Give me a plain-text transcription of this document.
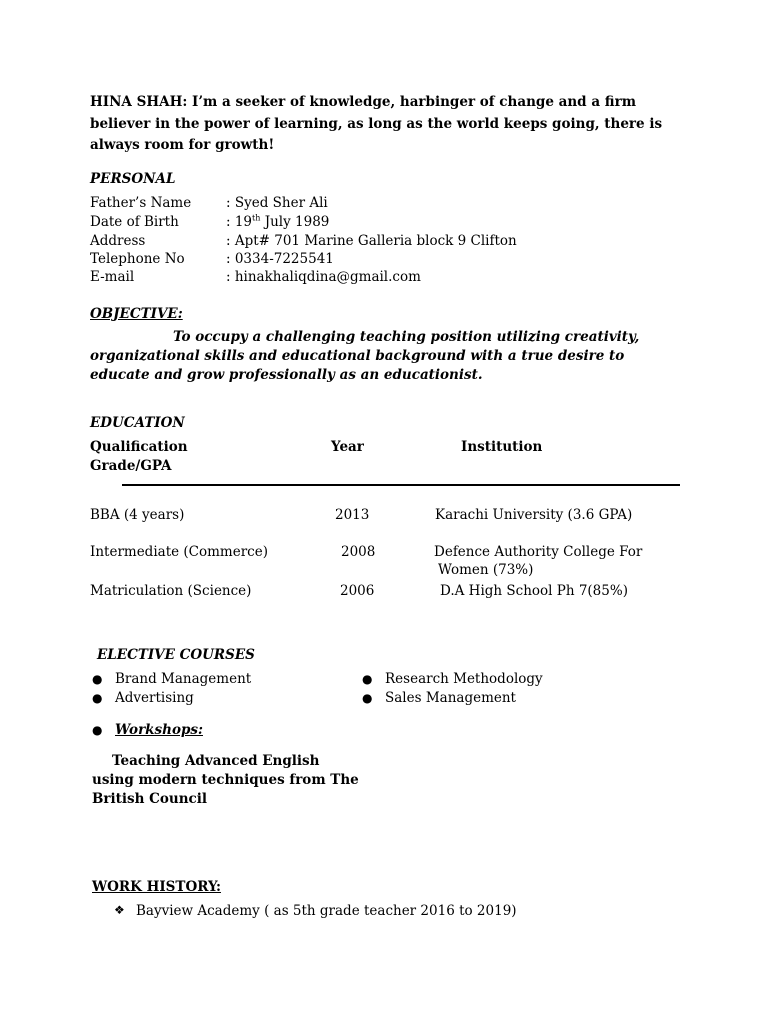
HINA SHAH: I’m a seeker of knowledge, harbinger of change and a firm believer in the power of learning, as long as the world keeps going, there is always room for growth!
PERSONAL
Father’s Name	: Syed Sher Ali
Date of Birth	: 19th July 1989
Address	: Apt# 701 Marine Galleria block 9 Clifton
Telephone No	: 0334-7225541
E-mail	: hinakhaliqdina@gmail.com
OBJECTIVE:
To occupy a challenging teaching position utilizing creativity, organizational skills and educational background with a true desire to educate and grow professionally as an educationist.
EDUCATION
Qualification	Year	Institution
Grade/GPA
BBA (4 years)	2013	Karachi University (3.6 GPA)
Intermediate (Commerce)	2008	Defence Authority College For
Women (73%)
Matriculation (Science)	2006	D.A High School Ph 7(85%)
ELECTIVE COURSES
● Brand Management
● Advertising
● Research Methodology
● Sales Management
● Workshops:
Teaching Advanced English using modern techniques from The British Council
WORK HISTORY:
❖ Bayview Academy ( as 5th grade teacher 2016 to 2019)
